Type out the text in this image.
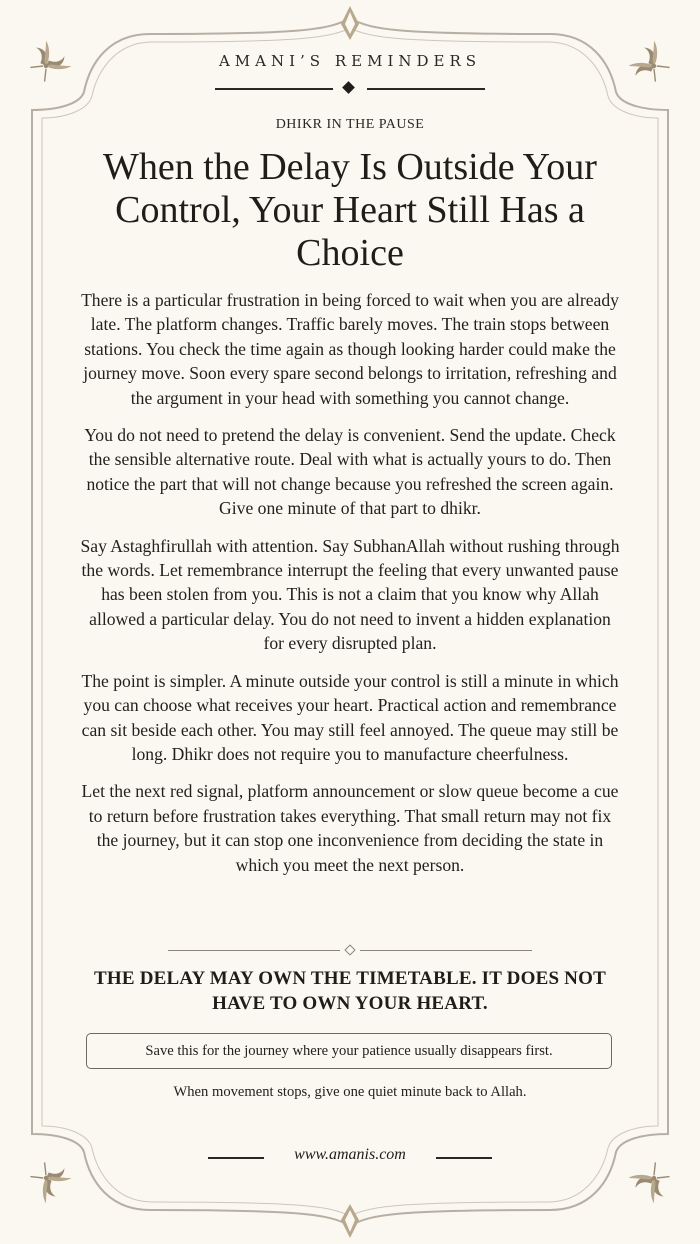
AMANI’S REMINDERS
DHIKR IN THE PAUSE
When the Delay Is Outside Your Control, Your Heart Still Has a Choice

There is a particular frustration in being forced to wait when you are already late. The platform changes. Traffic barely moves. The train stops between stations. You check the time again as though looking harder could make the journey move. Soon every spare second belongs to irritation, refreshing and the argument in your head with something you cannot change.

You do not need to pretend the delay is convenient. Send the update. Check the sensible alternative route. Deal with what is actually yours to do. Then notice the part that will not change because you refreshed the screen again. Give one minute of that part to dhikr.

Say Astaghfirullah with attention. Say SubhanAllah without rushing through the words. Let remembrance interrupt the feeling that every unwanted pause has been stolen from you. This is not a claim that you know why Allah allowed a particular delay. You do not need to invent a hidden explanation for every disrupted plan.

The point is simpler. A minute outside your control is still a minute in which you can choose what receives your heart. Practical action and remembrance can sit beside each other. You may still feel annoyed. The queue may still be long. Dhikr does not require you to manufacture cheerfulness.

Let the next red signal, platform announcement or slow queue become a cue to return before frustration takes everything. That small return may not fix the journey, but it can stop one inconvenience from deciding the state in which you meet the next person.

THE DELAY MAY OWN THE TIMETABLE. IT DOES NOT HAVE TO OWN YOUR HEART.
Save this for the journey where your patience usually disappears first.
When movement stops, give one quiet minute back to Allah.
www.amanis.com
